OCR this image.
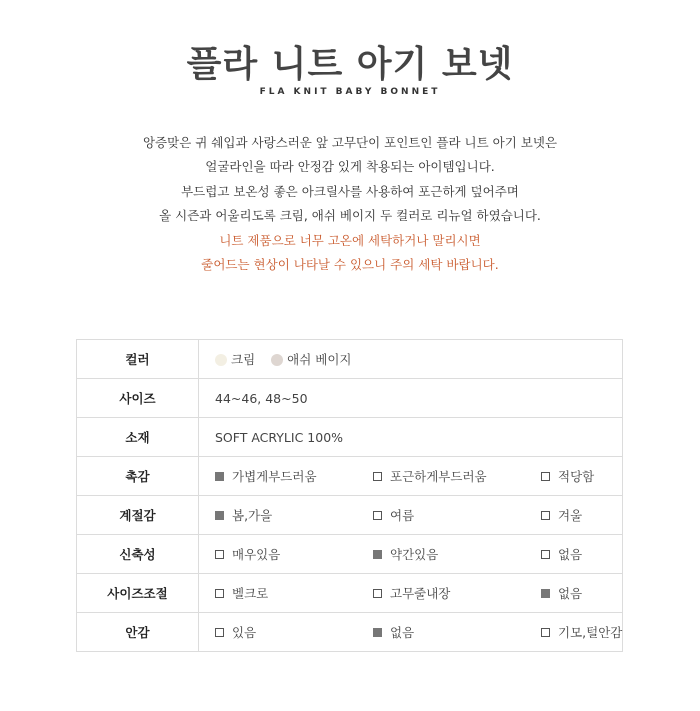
플라 니트 아기 보넷
FLA KNIT BABY BONNET
앙증맞은 귀 쉐입과 사랑스러운 앞 고무단이 포인트인 플라 니트 아기 보넷은
얼굴라인을 따라 안정감 있게 착용되는 아이템입니다.
부드럽고 보온성 좋은 아크릴사를 사용하여 포근하게 덮어주며
올 시즌과 어울리도록 크림, 애쉬 베이지 두 컬러로 리뉴얼 하였습니다.
니트 제품으로 너무 고온에 세탁하거나 말리시면
줄어드는 현상이 나타날 수 있으니 주의 세탁 바랍니다.
컬러	크림 애쉬 베이지
사이즈	44~46, 48~50
소재	SOFT ACRYLIC 100%
촉감	가볍게부드러움 포근하게부드러움 적당함
계절감	봄,가을 여름 겨울
신축성	매우있음 약간있음 없음
사이즈조절	벨크로 고무줄내장 없음
안감	있음 없음 기모,털안감
